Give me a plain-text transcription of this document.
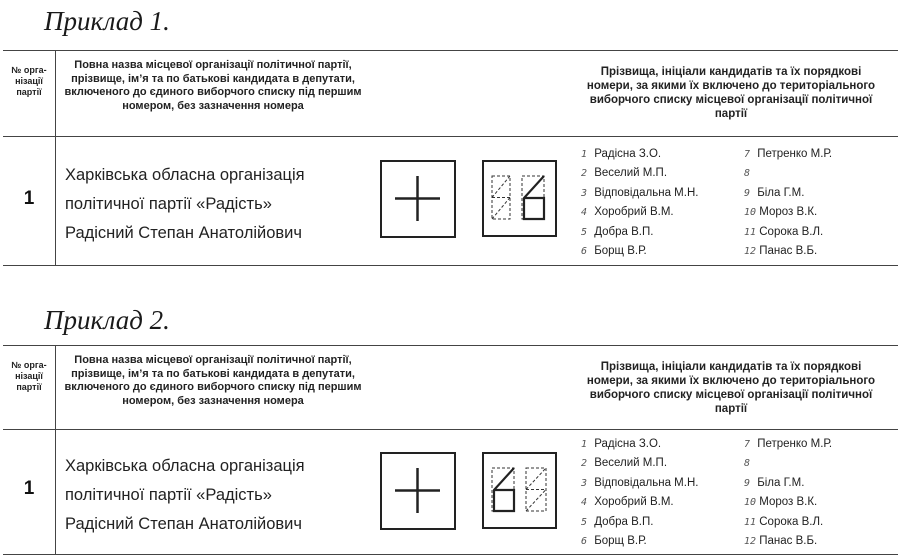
Приклад 1.
№ орга-нізації партії
Повна назва місцевої організації політичної партії, прізвище, ім’я та по батькові кандидата в депутати, включеного до єдиного виборчого списку під першим номером, без зазначення номера
Прізвища, ініціали кандидатів та їх порядкові номери, за якими їх включено до територіального виборчого списку місцевої організації політичної партії
1
Харківська обласна організація
політичної партії «Радість»
Радісний Степан Анатолійович
1 Радісна З.О.
2 Веселий М.П.
3 Відповідальна М.Н.
4 Хоробрий В.М.
5 Добра В.П.
6 Борщ В.Р.
7 Петренко М.Р.
8
9 Біла Г.М.
10 Мороз В.К.
11 Сорока В.Л.
12 Панас В.Б.
Приклад 2.
№ орга-нізації партії
Повна назва місцевої організації політичної партії, прізвище, ім’я та по батькові кандидата в депутати, включеного до єдиного виборчого списку під першим номером, без зазначення номера
Прізвища, ініціали кандидатів та їх порядкові номери, за якими їх включено до територіального виборчого списку місцевої організації політичної партії
1
Харківська обласна організація
політичної партії «Радість»
Радісний Степан Анатолійович
1 Радісна З.О.
2 Веселий М.П.
3 Відповідальна М.Н.
4 Хоробрий В.М.
5 Добра В.П.
6 Борщ В.Р.
7 Петренко М.Р.
8
9 Біла Г.М.
10 Мороз В.К.
11 Сорока В.Л.
12 Панас В.Б.
